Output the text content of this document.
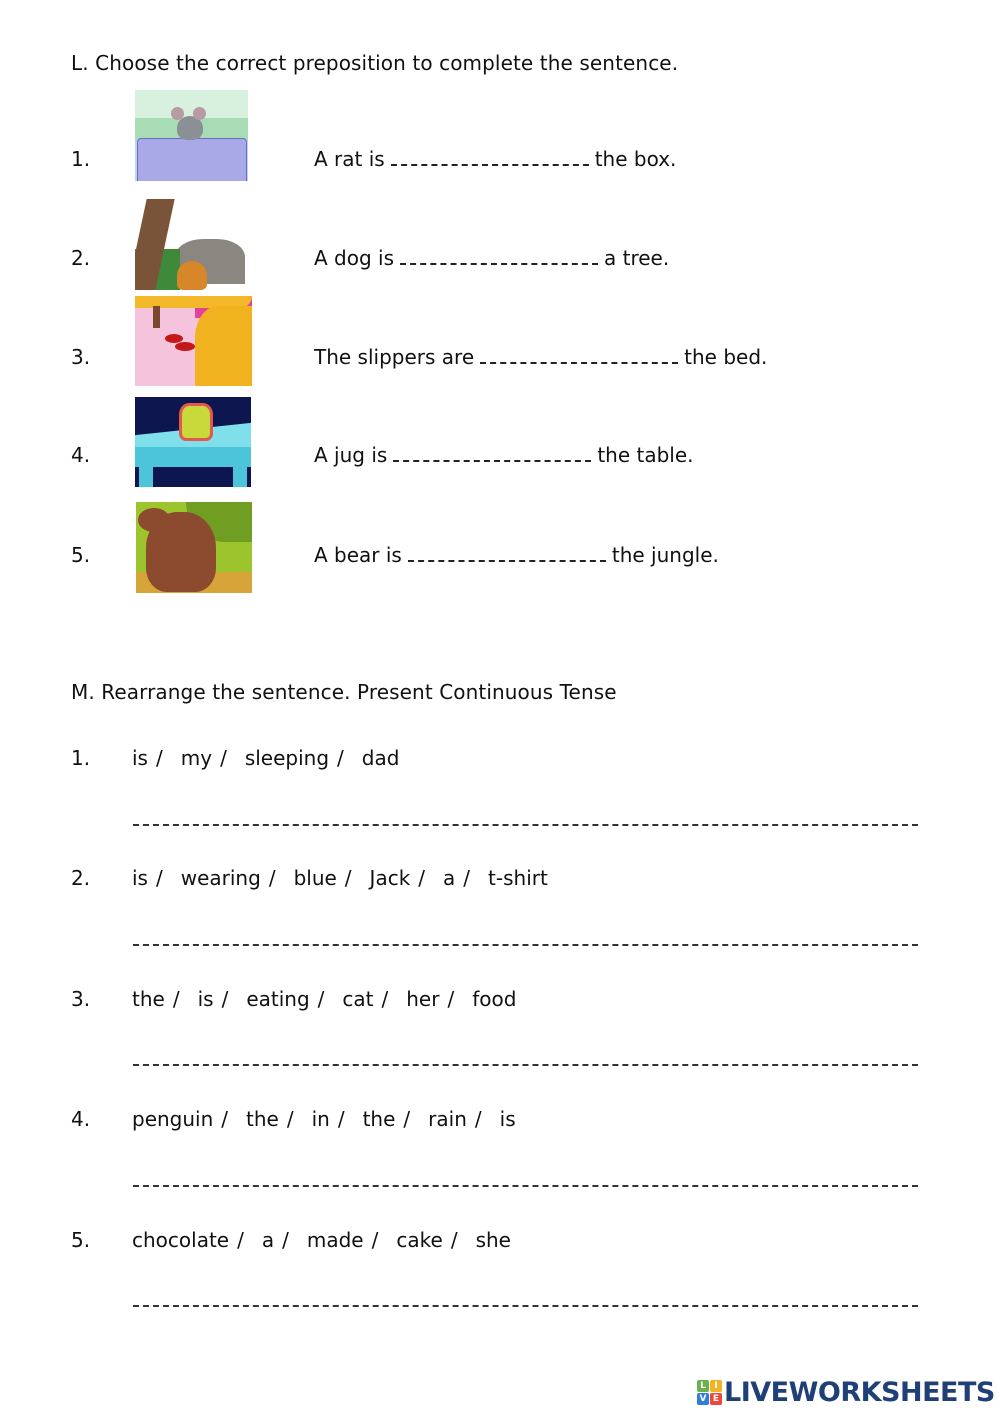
L. Choose the correct preposition to complete the sentence.
1.	A rat is	the box.
2.	A dog is	a tree.
3.	The slippers are	the bed.
4.	A jug is	the table.
5.	A bear is	the jungle.
M. Rearrange the sentence. Present Continuous Tense
1. is / my / sleeping / dad
2. is / wearing / blue / Jack / a / t-shirt
3. the / is / eating / cat / her / food
4. penguin / the / in / the / rain / is
5. chocolate / a / made / cake / she
L I
V E LIVEWORKSHEETS
